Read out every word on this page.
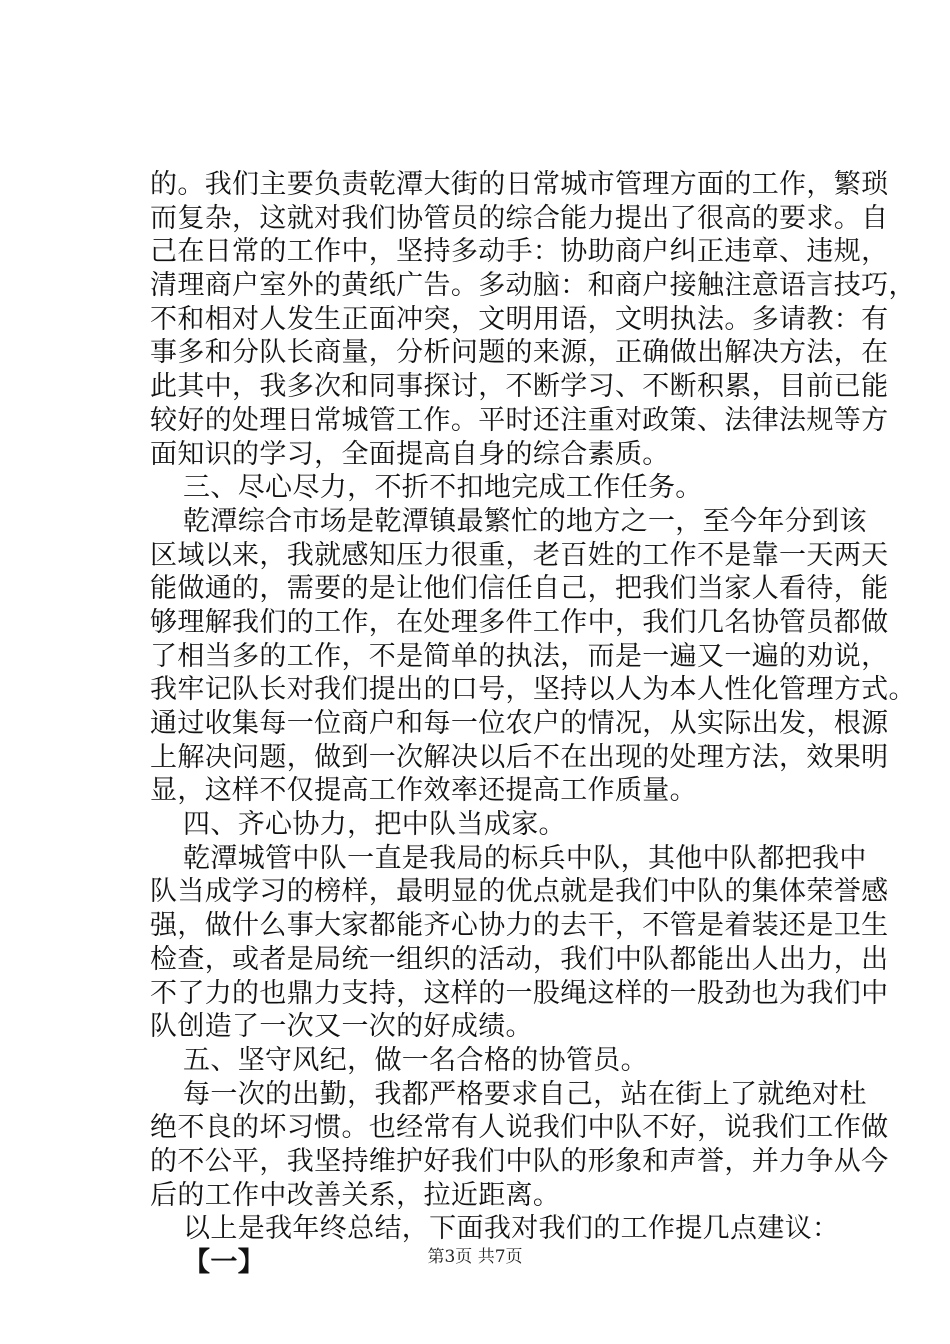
的。我们主要负责乾潭大街的日常城市管理方面的工作，繁琐
而复杂，这就对我们协管员的综合能力提出了很高的要求。自
己在日常的工作中，坚持多动手：协助商户纠正违章、违规，
清理商户室外的黄纸广告。多动脑：和商户接触注意语言技巧，
不和相对人发生正面冲突，文明用语，文明执法。多请教：有
事多和分队长商量，分析问题的来源，正确做出解决方法，在
此其中，我多次和同事探讨，不断学习、不断积累，目前已能
较好的处理日常城管工作。平时还注重对政策、法律法规等方
面知识的学习，全面提高自身的综合素质。
三、尽心尽力，不折不扣地完成工作任务。
乾潭综合市场是乾潭镇最繁忙的地方之一，至今年分到该
区域以来，我就感知压力很重，老百姓的工作不是靠一天两天
能做通的，需要的是让他们信任自己，把我们当家人看待，能
够理解我们的工作，在处理多件工作中，我们几名协管员都做
了相当多的工作，不是简单的执法，而是一遍又一遍的劝说，
我牢记队长对我们提出的口号，坚持以人为本人性化管理方式。
通过收集每一位商户和每一位农户的情况，从实际出发，根源
上解决问题，做到一次解决以后不在出现的处理方法，效果明
显，这样不仅提高工作效率还提高工作质量。
四、齐心协力，把中队当成家。
乾潭城管中队一直是我局的标兵中队，其他中队都把我中
队当成学习的榜样，最明显的优点就是我们中队的集体荣誉感
强，做什么事大家都能齐心协力的去干，不管是着装还是卫生
检查，或者是局统一组织的活动，我们中队都能出人出力，出
不了力的也鼎力支持，这样的一股绳这样的一股劲也为我们中
队创造了一次又一次的好成绩。
五、坚守风纪，做一名合格的协管员。
每一次的出勤，我都严格要求自己，站在街上了就绝对杜
绝不良的坏习惯。也经常有人说我们中队不好，说我们工作做
的不公平，我坚持维护好我们中队的形象和声誉，并力争从今
后的工作中改善关系，拉近距离。
以上是我年终总结，下面我对我们的工作提几点建议：
【一】	第3页 共7页
